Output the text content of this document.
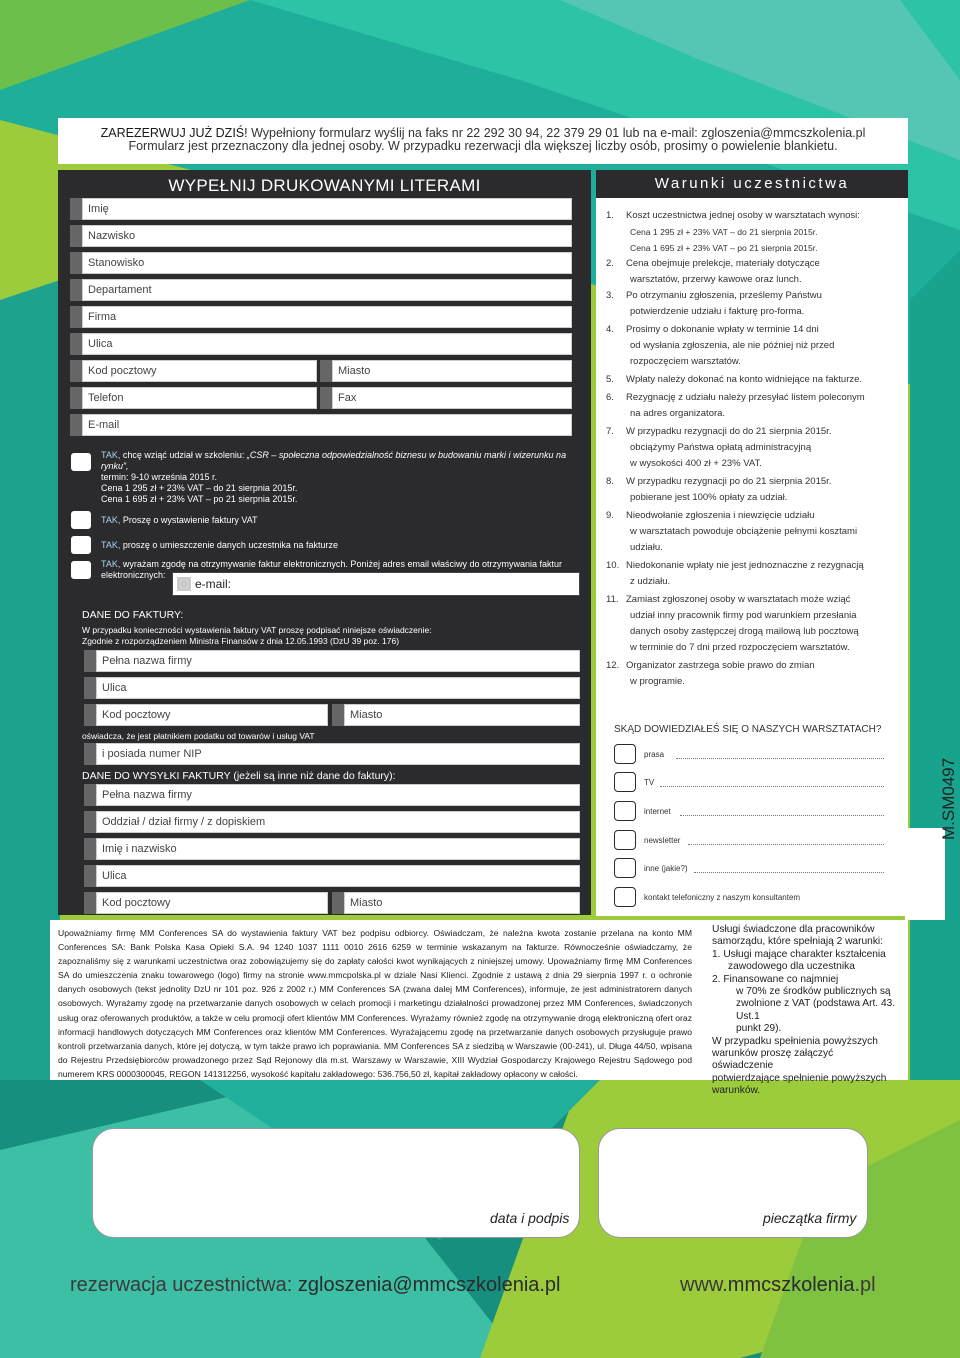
ZAREZERWUJ JUŻ DZIŚ! Wypełniony formularz wyślij na faks nr 22 292 30 94, 22 379 29 01 lub na e-mail: zgloszenia@mmcszkolenia.pl
Formularz jest przeznaczony dla jednej osoby. W przypadku rezerwacji dla większej liczby osób, prosimy o powielenie blankietu.
WYPEŁNIJ DRUKOWANYMI LITERAMI
Imię
Nazwisko
Stanowisko
Departament
Firma
Ulica
Kod pocztowy	Miasto
Telefon	Fax
E-mail
TAK, chcę wziąć udział w szkoleniu: „CSR – społeczna odpowiedzialność biznesu w budowaniu marki i wizerunku na rynku”,
termin: 9-10 września 2015 r.
Cena 1 295 zł + 23% VAT – do 21 sierpnia 2015r.
Cena 1 695 zł + 23% VAT – po 21 sierpnia 2015r.
TAK, Proszę o wystawienie faktury VAT
TAK, proszę o umieszczenie danych uczestnika na fakturze
TAK, wyrażam zgodę na otrzymywanie faktur elektronicznych. Poniżej adres email właściwy do otrzymywania faktur
elektronicznych:
e-mail:
DANE DO FAKTURY:
W przypadku konieczności wystawienia faktury VAT proszę podpisać niniejsze oświadczenie:
Zgodnie z rozporządzeniem Ministra Finansów z dnia 12.05.1993 (DzU 39 poz. 176)
Pełna nazwa firmy
Ulica
Kod pocztowy	Miasto
oświadcza, że jest płatnikiem podatku od towarów i usług VAT
i posiada numer NIP
DANE DO WYSYŁKI FAKTURY (jeżeli są inne niż dane do faktury):
Pełna nazwa firmy
Oddział / dział firmy / z dopiskiem
Imię i nazwisko
Ulica
Kod pocztowy	Miasto
Warunki uczestnictwa
1. Koszt uczestnictwa jednej osoby w warsztatach wynosi:
Cena 1 295 zł + 23% VAT – do 21 sierpnia 2015r.
Cena 1 695 zł + 23% VAT – po 21 sierpnia 2015r.
2. Cena obejmuje prelekcje, materiały dotyczące
warsztatów, przerwy kawowe oraz lunch.
3. Po otrzymaniu zgłoszenia, prześlemy Państwu
potwierdzenie udziału i fakturę pro-forma.
4. Prosimy o dokonanie wpłaty w terminie 14 dni
od wysłania zgłoszenia, ale nie później niż przed
rozpoczęciem warsztatów.
5. Wpłaty należy dokonać na konto widniejące na fakturze.
6. Rezygnację z udziału należy przesyłać listem poleconym
na adres organizatora.
7. W przypadku rezygnacji do do 21 sierpnia 2015r.
obciążymy Państwa opłatą administracyjną
w wysokości 400 zł + 23% VAT.
8. W przypadku rezygnacji po do 21 sierpnia 2015r.
pobierane jest 100% opłaty za udział.
9. Nieodwołanie zgłoszenia i niewzięcie udziału
w warsztatach powoduje obciążenie pełnymi kosztami
udziału.
10. Niedokonanie wpłaty nie jest jednoznaczne z rezygnacją
z udziału.
11. Zamiast zgłoszonej osoby w warsztatach może wziąć
udział inny pracownik firmy pod warunkiem przesłania
danych osoby zastępczej drogą mailową lub pocztową
w terminie do 7 dni przed rozpoczęciem warsztatów.
12. Organizator zastrzega sobie prawo do zmian
w programie.
SKĄD DOWIEDZIAŁEŚ SIĘ O NASZYCH WARSZTATACH?
prasa
TV
internet
newsletter
inne (jakie?)
kontakt telefoniczny z naszym konsultantem
M.SM0497
Upoważniamy firmę MM Conferences SA do wystawienia faktury VAT bez podpisu odbiorcy. Oświadczam, że należna kwota zostanie przelana na konto MM Conferences SA: Bank Polska Kasa Opieki S.A. 94 1240 1037 1111 0010 2616 6259 w terminie wskazanym na fakturze. Równocześnie oświadczamy, że zapoznaliśmy się z warunkami uczestnictwa oraz zobowiązujemy się do zapłaty całości kwot wynikających z niniejszej umowy. Upoważniamy firmę MM Conferences SA do umieszczenia znaku towarowego (logo) firmy na stronie www.mmcpolska.pl w dziale Nasi Klienci. Zgodnie z ustawą z dnia 29 sierpnia 1997 r. o ochronie danych osobowych (tekst jednolity DzU nr 101 poz. 926 z 2002 r.) MM Conferences SA (zwana dalej MM Conferences), informuje, że jest administratorem danych osobowych. Wyrażamy zgodę na przetwarzanie danych osobowych w celach promocji i marketingu działalności prowadzonej przez MM Conferences, świadczonych usług oraz oferowanych produktów, a także w celu promocji ofert klientów MM Conferences. Wyrażamy również zgodę na otrzymywanie drogą elektroniczną ofert oraz informacji handlowych dotyczących MM Conferences oraz klientów MM Conferences. Wyrażającemu zgodę na przetwarzanie danych osobowych przysługuje prawo kontroli przetwarzania danych, które jej dotyczą, w tym także prawo ich poprawiania. MM Conferences SA z siedzibą w Warszawie (00-241), ul. Długa 44/50, wpisana do Rejestru Przedsiębiorców prowadzonego przez Sąd Rejonowy dla m.st. Warszawy w Warszawie, XIII Wydział Gospodarczy Krajowego Rejestru Sądowego pod numerem KRS 0000300045, REGON 141312256, wysokość kapitału zakładowego: 536.756,50 zł, kapitał zakładowy opłacony w całości.
Usługi świadczone dla pracowników
samorządu, które spełniają 2 warunki:
1. Usługi mające charakter kształcenia
zawodowego dla uczestnika
2. Finansowane co najmniej
w 70% ze środków publicznych są
zwolnione z VAT (podstawa Art. 43. Ust.1
punkt 29).
W przypadku spełnienia powyższych
warunków proszę załączyć oświadczenie
potwierdzające spełnienie powyższych
warunków.
data i podpis	pieczątka firmy
rezerwacja uczestnictwa: zgloszenia@mmcszkolenia.pl	www.mmcszkolenia.pl
